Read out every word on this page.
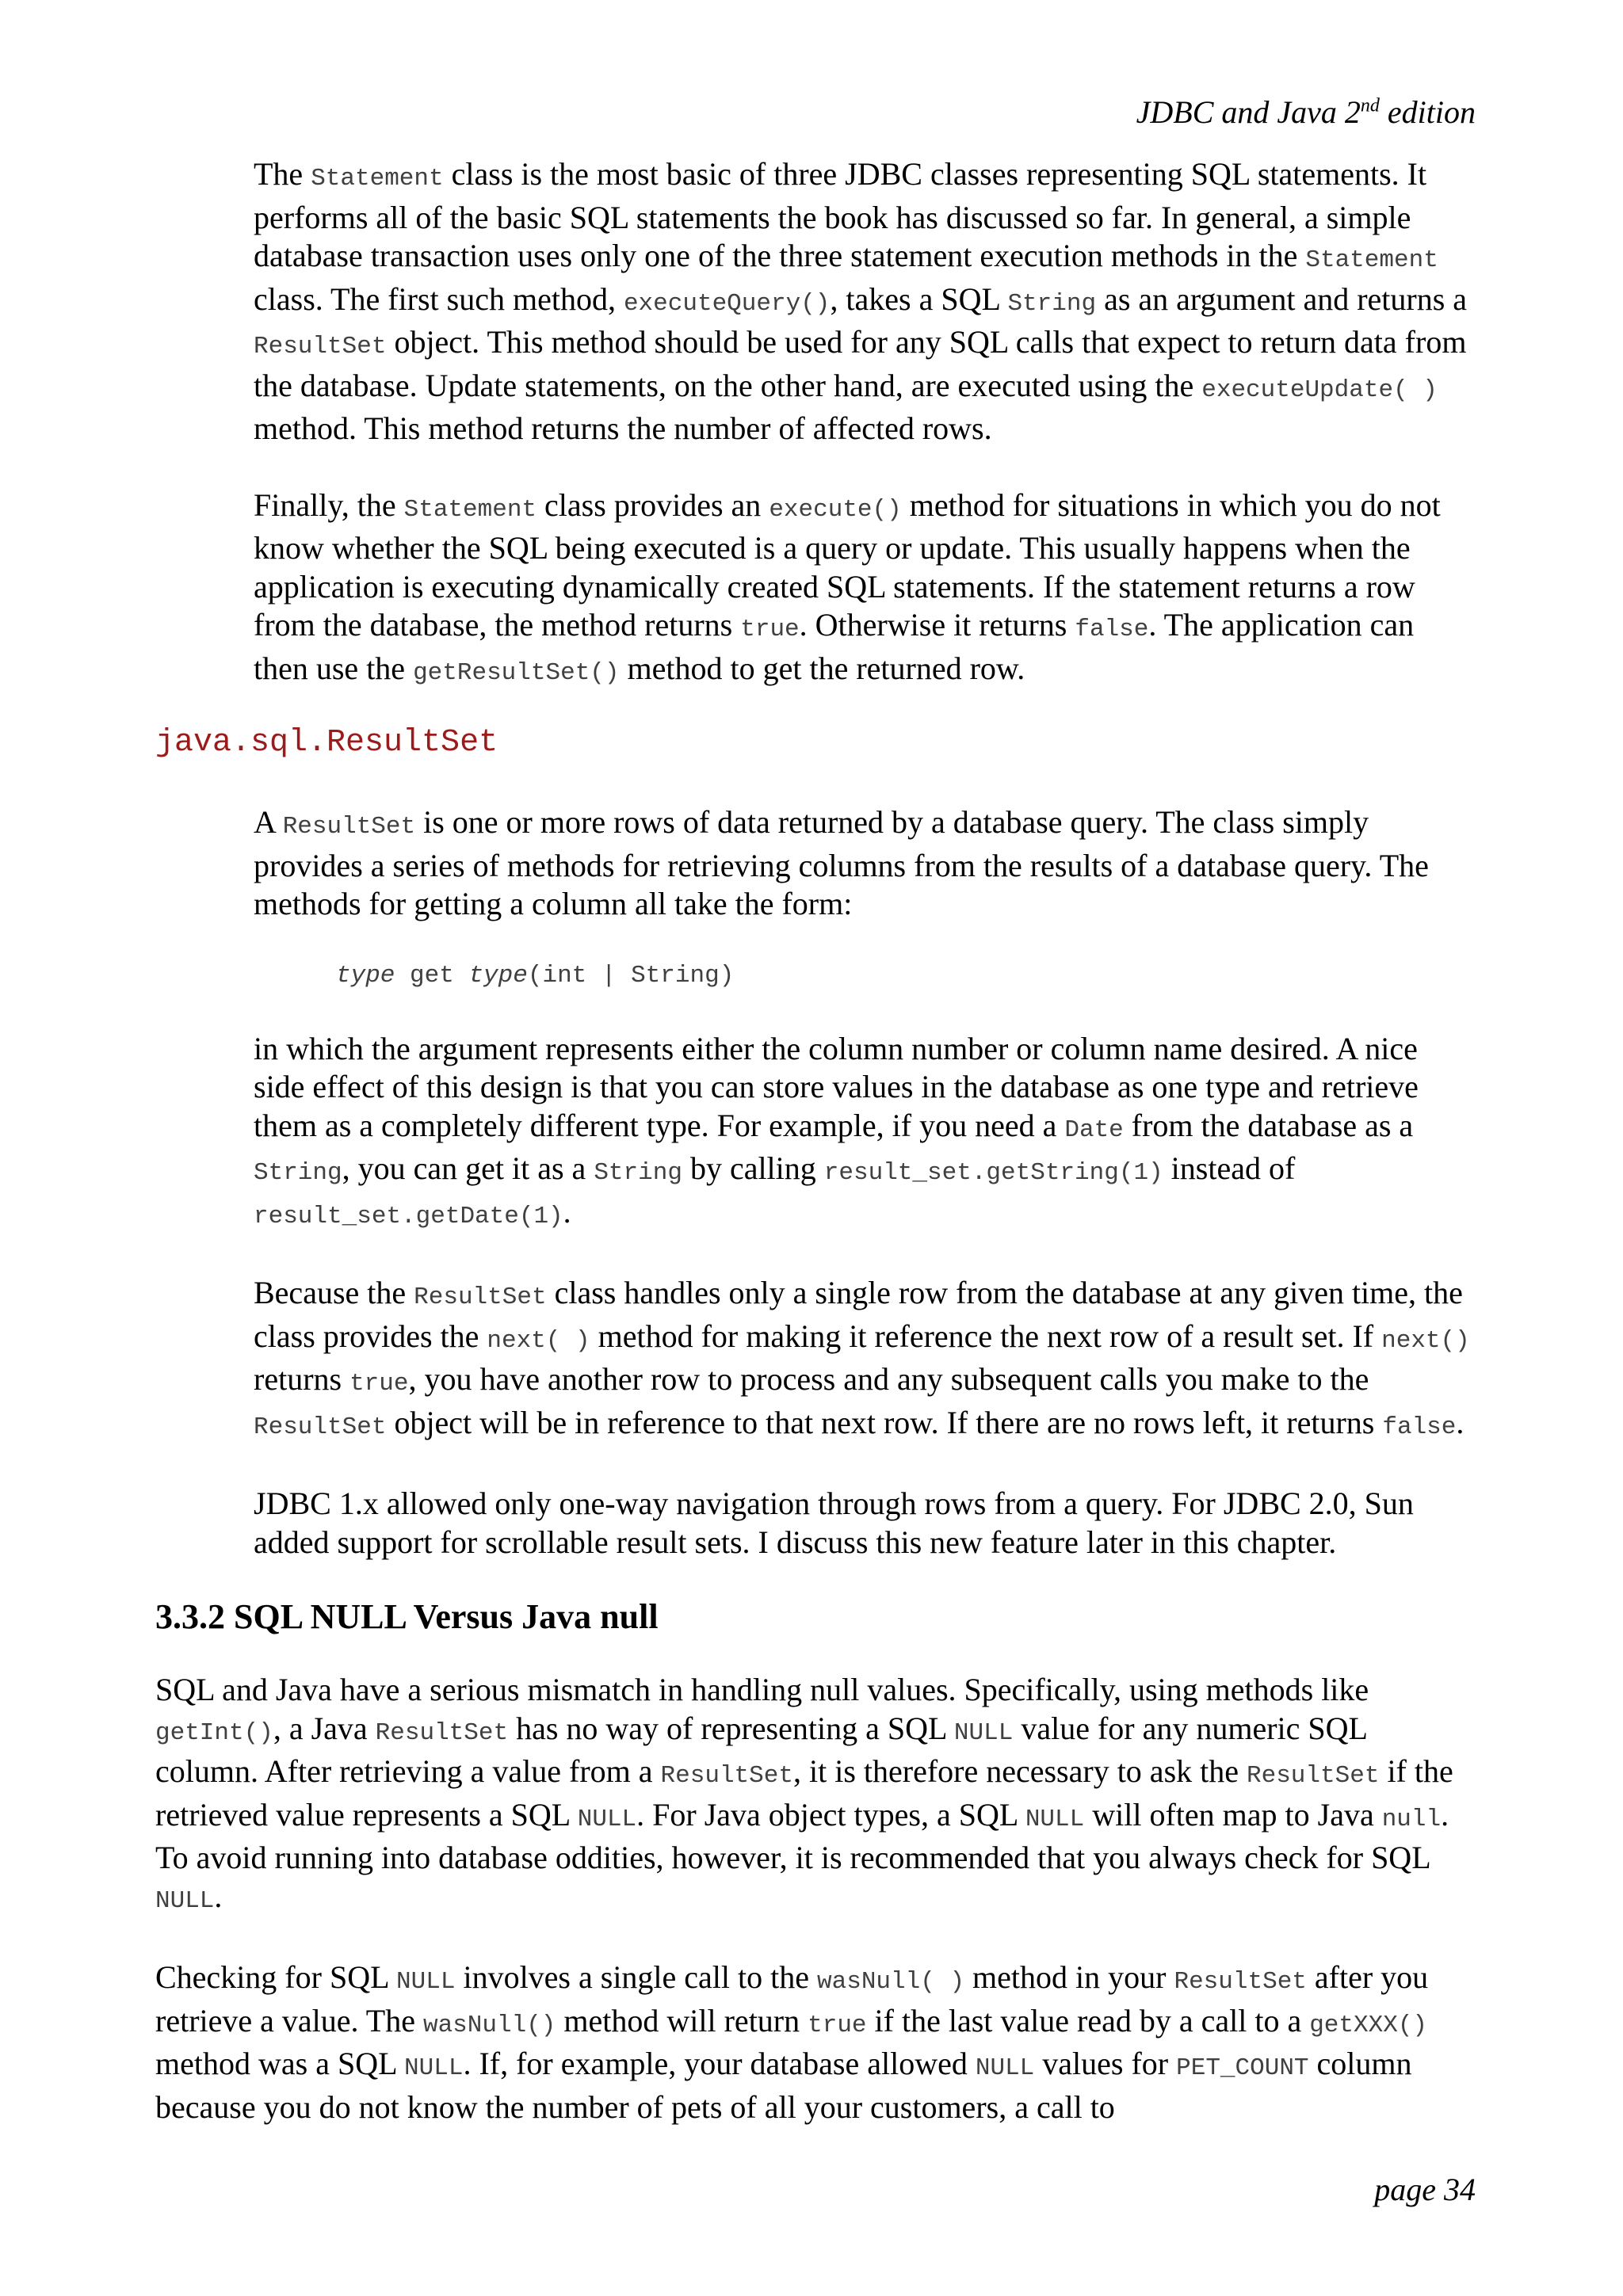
JDBC and Java 2nd edition

The Statement class is the most basic of three JDBC classes representing SQL statements. It performs all of the basic SQL statements the book has discussed so far. In general, a simple database transaction uses only one of the three statement execution methods in the Statement class. The first such method, executeQuery(), takes a SQL String as an argument and returns a ResultSet object. This method should be used for any SQL calls that expect to return data from the database. Update statements, on the other hand, are executed using the executeUpdate( ) method. This method returns the number of affected rows.

Finally, the Statement class provides an execute() method for situations in which you do not know whether the SQL being executed is a query or update. This usually happens when the application is executing dynamically created SQL statements. If the statement returns a row from the database, the method returns true. Otherwise it returns false. The application can then use the getResultSet() method to get the returned row.

java.sql.ResultSet

A ResultSet is one or more rows of data returned by a database query. The class simply provides a series of methods for retrieving columns from the results of a database query. The methods for getting a column all take the form:

type get type(int | String)

in which the argument represents either the column number or column name desired. A nice side effect of this design is that you can store values in the database as one type and retrieve them as a completely different type. For example, if you need a Date from the database as a String, you can get it as a String by calling result_set.getString(1) instead of result_set.getDate(1).

Because the ResultSet class handles only a single row from the database at any given time, the class provides the next( ) method for making it reference the next row of a result set. If next() returns true, you have another row to process and any subsequent calls you make to the ResultSet object will be in reference to that next row. If there are no rows left, it returns false.

JDBC 1.x allowed only one-way navigation through rows from a query. For JDBC 2.0, Sun added support for scrollable result sets. I discuss this new feature later in this chapter.

3.3.2 SQL NULL Versus Java null

SQL and Java have a serious mismatch in handling null values. Specifically, using methods like getInt(), a Java ResultSet has no way of representing a SQL NULL value for any numeric SQL column. After retrieving a value from a ResultSet, it is therefore necessary to ask the ResultSet if the retrieved value represents a SQL NULL. For Java object types, a SQL NULL will often map to Java null. To avoid running into database oddities, however, it is recommended that you always check for SQL NULL.

Checking for SQL NULL involves a single call to the wasNull( ) method in your ResultSet after you retrieve a value. The wasNull() method will return true if the last value read by a call to a getXXX() method was a SQL NULL. If, for example, your database allowed NULL values for PET_COUNT column because you do not know the number of pets of all your customers, a call to

page 34
